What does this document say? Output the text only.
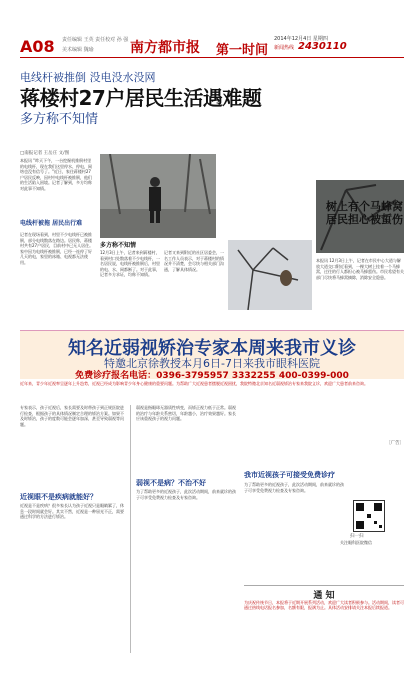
A08 责任编辑 王英 责任校对 孙 强
美术编辑 魏瑜	南方都市报 第一时间
2014年12月4日 星期四
新闻热线 2430110
电线杆被推倒 没电没水没网
蒋楼村27户居民生活遇难题
多方称不知情
□南报记者 王岳庄 文/图
本报讯 "昨天下午，一台挖掘机推倒村里的电线杆，现在我们这里停水、停电，网络也没有信号了。"近日，家住蒋楼村27户居民反映，因村中电线杆被推倒，他们的生活陷入困境。记者了解到，多方均称对此事不知情。
电线杆被拖 居民出行难
记者在现场看到，村里不少电线杆已被推倒，部分电线散落在路边。居民称，蒋楼村共有27户居民，目前村中已无人居住。家中因为电线杆被推倒，已经一连停了好几天的电，家里的冰箱、电视都无法使用。
多方称不知情
12月3日上午，记者来到蒋楼村，看到村口处散落着不少电线杆，一名居民说，电线杆被推倒后，村里的电、水、网都断了。对于此事，记者多方求证，均称不知情。
记者又来到附近的社区居委会，一名工作人员表示，对于蒋楼村的情况并不清楚，会尽快与相关部门沟通，了解具体情况。
树上有个马蜂窝 居民担心被蜇伤
本报讯 12月3日上午，记者在市民中心大道与解放大道交口附近看到，一棵大树上挂着一个马蜂窝，过往的行人都担心被马蜂蜇伤。市民希望有关部门尽快将马蜂窝摘除，消除安全隐患。
知名近弱视矫治专家本周来我市义诊
特邀北京徐教授本月6日-7日来我市眼科医院
免费诊疗报名电话：0396-3795957 3332255 400-0399-000
近年来，青少年近视率呈逐年上升趋势，近视已经成为影响青少年身心健康的重要问题。为帮助广大近视患者摆脱近视困扰，我院特邀北京知名近弱视矫治专家来我院义诊，欢迎广大患者前来咨询。
专家表示，孩子近视后，家长需要及时带孩子到正规医院进行检查，根据孩子的具体情况制定合理的矫治方案。如果不及时矫治，孩子的度数可能会逐年加深，甚至导致弱视等问题。
近视眼不是疾病就能好？
近视是不是疾病？很多家长认为孩子近视只是眼睛累了，休息一段时间就会好。其实不然，近视是一种屈光不正，需要通过科学的方法进行矫治。
弱视是指眼球无器质性病变，而矫正视力低于正常。弱视的治疗与年龄关系密切，年龄越小，治疗效果越好。家长应该重视孩子的视力问题。
弱视不是病？不治不好
为了帮助更多的近视孩子，此次活动期间，前来就诊的孩子可享受免费视力检查及专家咨询。
我市近视孩子可接受免费诊疗
为了帮助更多的近视孩子，此次活动期间，前来就诊的孩子可享受免费视力检查及专家咨询。
〔广告〕
扫一扫
关注眼科医院微信
通 知
为庆祝传统节日，本报将于近期开展系列活动，欢迎广大读者积极参与。活动期间，读者可通过热线电话报名参加，名额有限，报满为止。具体活动安排请关注本报后续报道。
